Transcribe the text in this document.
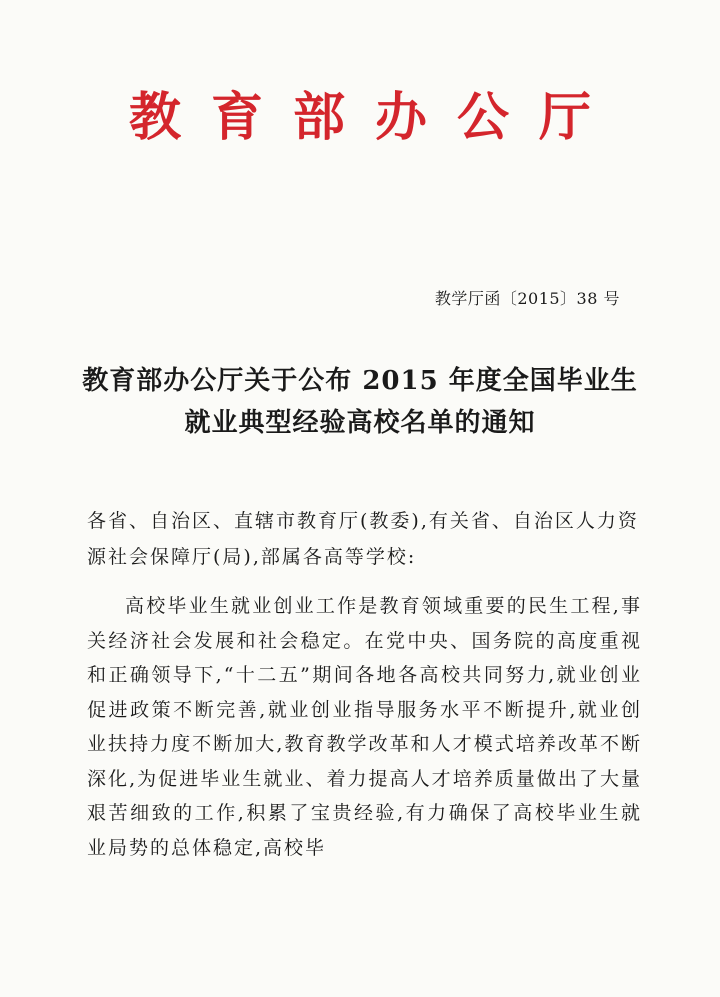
教育部办公厅
教学厅函〔2015〕38 号
教育部办公厅关于公布 2015 年度全国毕业生
就业典型经验高校名单的通知
各省、自治区、直辖市教育厅(教委),有关省、自治区人力资源社会保障厅(局),部属各高等学校:
高校毕业生就业创业工作是教育领域重要的民生工程,事关经济社会发展和社会稳定。在党中央、国务院的高度重视和正确领导下,“十二五”期间各地各高校共同努力,就业创业促进政策不断完善,就业创业指导服务水平不断提升,就业创业扶持力度不断加大,教育教学改革和人才模式培养改革不断深化,为促进毕业生就业、着力提高人才培养质量做出了大量艰苦细致的工作,积累了宝贵经验,有力确保了高校毕业生就业局势的总体稳定,高校毕
